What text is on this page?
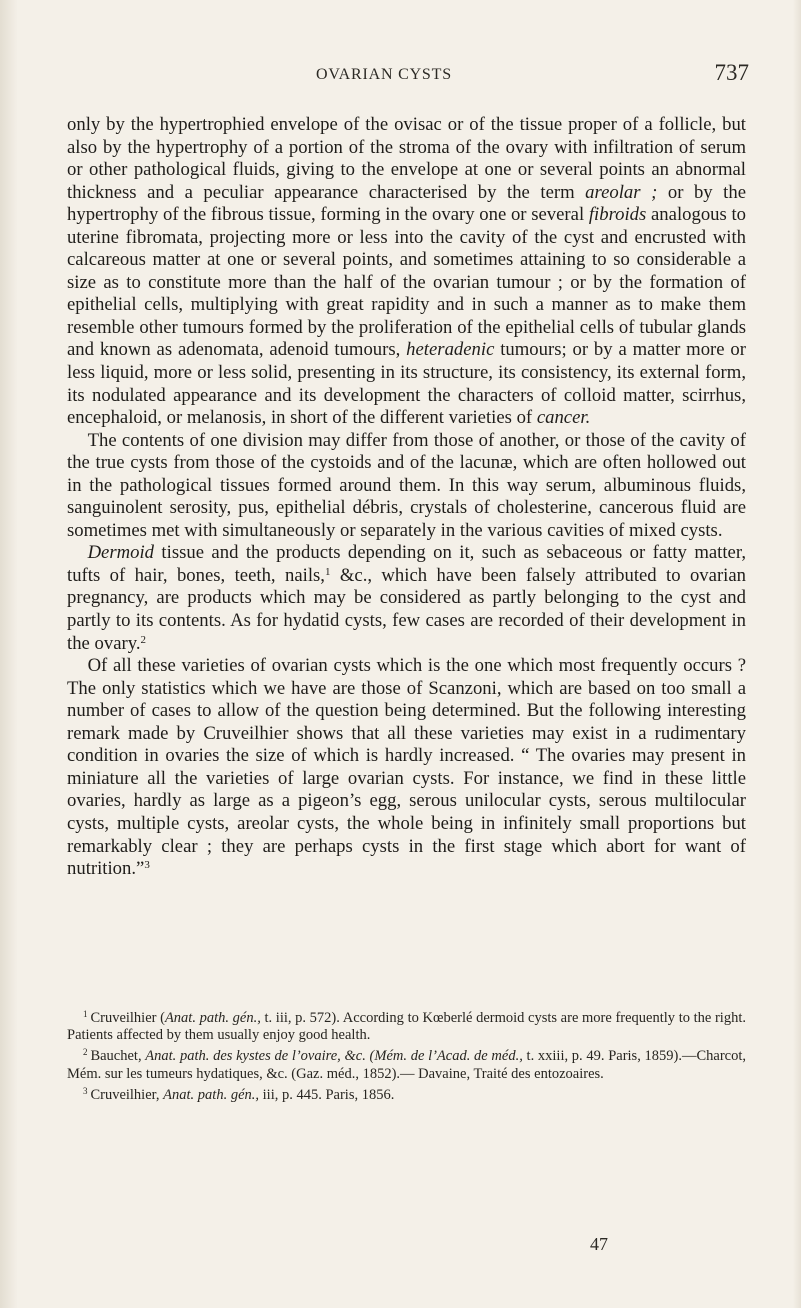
OVARIAN CYSTS	737

only by the hypertrophied envelope of the ovisac or of the tissue proper of a follicle, but also by the hypertrophy of a portion of the stroma of the ovary with infiltration of serum or other pathological fluids, giving to the envelope at one or several points an abnormal thickness and a peculiar appearance characterised by the term areolar ; or by the hypertrophy of the fibrous tissue, forming in the ovary one or several fibroids analogous to uterine fibromata, projecting more or less into the cavity of the cyst and encrusted with calcareous matter at one or several points, and sometimes attaining to so considerable a size as to constitute more than the half of the ovarian tumour ; or by the formation of epithelial cells, multiplying with great rapidity and in such a manner as to make them resemble other tumours formed by the proliferation of the epithelial cells of tubular glands and known as adenomata, adenoid tumours, heteradenic tumours; or by a matter more or less liquid, more or less solid, presenting in its structure, its consistency, its external form, its nodulated appearance and its development the characters of colloid matter, scirrhus, encephaloid, or melanosis, in short of the different varieties of cancer.

The contents of one division may differ from those of another, or those of the cavity of the true cysts from those of the cystoids and of the lacunæ, which are often hollowed out in the pathological tissues formed around them. In this way serum, albuminous fluids, sanguinolent serosity, pus, epithelial débris, crystals of cholesterine, cancerous fluid are sometimes met with simultaneously or separately in the various cavities of mixed cysts.

Dermoid tissue and the products depending on it, such as sebaceous or fatty matter, tufts of hair, bones, teeth, nails,$^1$ &c., which have been falsely attributed to ovarian pregnancy, are products which may be considered as partly belonging to the cyst and partly to its contents. As for hydatid cysts, few cases are recorded of their development in the ovary.$^2$

Of all these varieties of ovarian cysts which is the one which most frequently occurs ? The only statistics which we have are those of Scanzoni, which are based on too small a number of cases to allow of the question being determined. But the following interesting remark made by Cruveilhier shows that all these varieties may exist in a rudimentary condition in ovaries the size of which is hardly increased. “ The ovaries may present in miniature all the varieties of large ovarian cysts. For instance, we find in these little ovaries, hardly as large as a pigeon’s egg, serous unilocular cysts, serous multilocular cysts, multiple cysts, areolar cysts, the whole being in infinitely small proportions but remarkably clear ; they are perhaps cysts in the first stage which abort for want of nutrition.”$^3$

$^1$ Cruveilhier (Anat. path. gén., t. iii, p. 572). According to Kœberlé dermoid cysts are more frequently to the right. Patients affected by them usually enjoy good health.

$^2$ Bauchet, Anat. path. des kystes de l’ovaire, &c. (Mém. de l’Acad. de méd., t. xxiii, p. 49. Paris, 1859).—Charcot, Mém. sur les tumeurs hydatiques, &c. (Gaz. méd., 1852).— Davaine, Traité des entozoaires.

$^3$ Cruveilhier, Anat. path. gén., iii, p. 445. Paris, 1856.

47
